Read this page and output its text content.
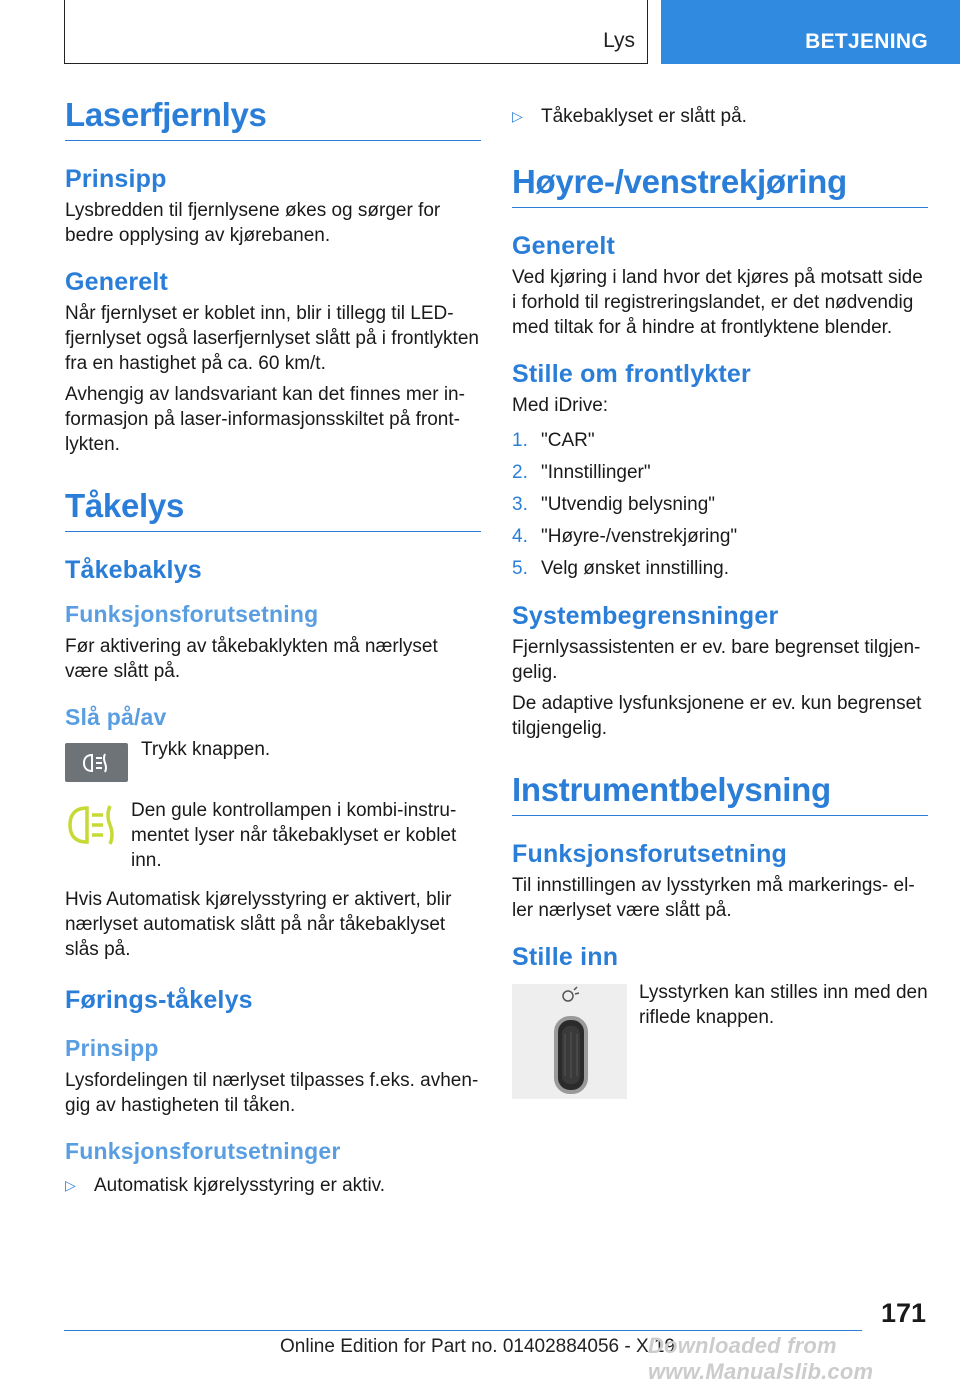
Lys	BETJENING
Laserfjernlys
Prinsipp

Lysbredden til fjernlysene økes og sørger for bedre opplysing av kjørebanen.

Generelt

Når fjernlyset er koblet inn, blir i tillegg til LED-fjernlyset også laserfjernlyset slått på i frontlykten fra en hastighet på ca. 60 km/t.

Avhengig av landsvariant kan det finnes mer informasjon på laser-informasjonsskiltet på frontlykten.

Tåkelys
Tåkebaklys
Funksjonsforutsetning

Før aktivering av tåkebaklykten må nærlyset være slått på.

Slå på/av

Trykk knappen.

Den gule kontrollampen i kombi-instrumentet lyser når tåkebaklyset er koblet inn.

Hvis Automatisk kjørelysstyring er aktivert, blir nærlyset automatisk slått på når tåkebaklyset slås på.

Førings-tåkelys
Prinsipp

Lysfordelingen til nærlyset tilpasses f.eks. avhengig av hastigheten til tåken.

Funksjonsforutsetninger
▷ Automatisk kjørelysstyring er aktiv.
▷ Tåkebaklyset er slått på.
Høyre-/venstrekjøring
Generelt

Ved kjøring i land hvor det kjøres på motsatt side i forhold til registreringslandet, er det nødvendig med tiltak for å hindre at frontlyktene blender.

Stille om frontlykter

Med iDrive:

1. "CAR"
2. "Innstillinger"
3. "Utvendig belysning"
4. "Høyre-/venstrekjøring"
5. Velg ønsket innstilling.
Systembegrensninger

Fjernlysassistenten er ev. bare begrenset tilgjengelig.

De adaptive lysfunksjonene er ev. kun begrenset tilgjengelig.

Instrumentbelysning
Funksjonsforutsetning

Til innstillingen av lysstyrken må markerings- eller nærlyset være slått på.

Stille inn

Lysstyrken kan stilles inn med den riflede knappen.

171
Online Edition for Part no. 01402884056 - X/19
Downloaded from www.Manualslib.com
